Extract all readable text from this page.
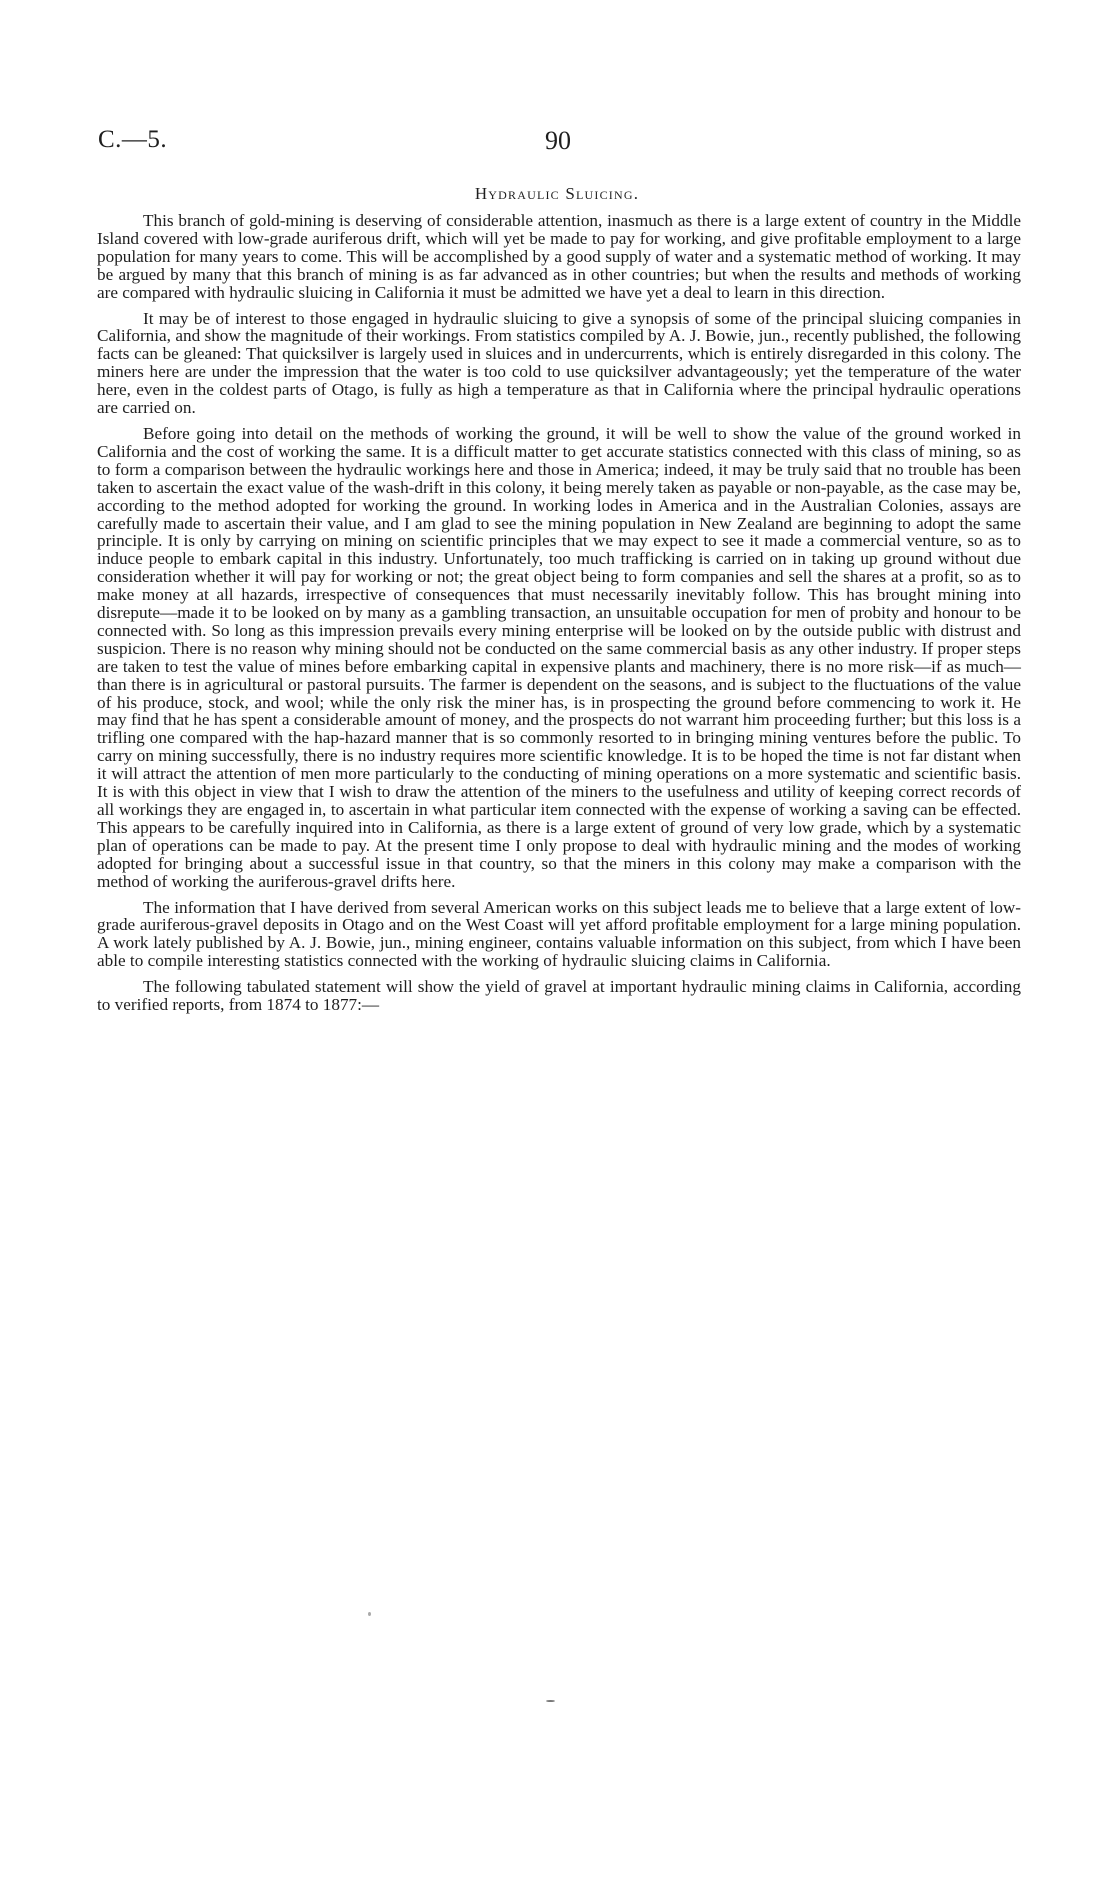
C.—5.	90
Hydraulic Sluicing.

This branch of gold-mining is deserving of considerable attention, inasmuch as there is a large extent of country in the Middle Island covered with low-grade auriferous drift, which will yet be made to pay for working, and give profitable employment to a large population for many years to come. This will be accomplished by a good supply of water and a systematic method of working. It may be argued by many that this branch of mining is as far advanced as in other countries; but when the results and methods of working are compared with hydraulic sluicing in California it must be admitted we have yet a deal to learn in this direction.

It may be of interest to those engaged in hydraulic sluicing to give a synopsis of some of the principal sluicing companies in California, and show the magnitude of their workings. From statistics compiled by A. J. Bowie, jun., recently published, the following facts can be gleaned: That quicksilver is largely used in sluices and in undercurrents, which is entirely disregarded in this colony. The miners here are under the impression that the water is too cold to use quicksilver advantageously; yet the temperature of the water here, even in the coldest parts of Otago, is fully as high a temperature as that in California where the principal hydraulic operations are carried on.

Before going into detail on the methods of working the ground, it will be well to show the value of the ground worked in California and the cost of working the same. It is a difficult matter to get accurate statistics connected with this class of mining, so as to form a comparison between the hydraulic workings here and those in America; indeed, it may be truly said that no trouble has been taken to ascertain the exact value of the wash-drift in this colony, it being merely taken as payable or non-payable, as the case may be, according to the method adopted for working the ground. In working lodes in America and in the Australian Colonies, assays are carefully made to ascertain their value, and I am glad to see the mining population in New Zealand are beginning to adopt the same principle. It is only by carrying on mining on scientific principles that we may expect to see it made a commercial venture, so as to induce people to embark capital in this industry. Unfortunately, too much trafficking is carried on in taking up ground without due consideration whether it will pay for working or not; the great object being to form companies and sell the shares at a profit, so as to make money at all hazards, irrespective of consequences that must necessarily inevitably follow. This has brought mining into disrepute—made it to be looked on by many as a gambling transaction, an unsuitable occupation for men of probity and honour to be connected with. So long as this impression prevails every mining enterprise will be looked on by the outside public with distrust and suspicion. There is no reason why mining should not be conducted on the same commercial basis as any other industry. If proper steps are taken to test the value of mines before embarking capital in expensive plants and machinery, there is no more risk—if as much—than there is in agricultural or pastoral pursuits. The farmer is dependent on the seasons, and is subject to the fluctuations of the value of his produce, stock, and wool; while the only risk the miner has, is in prospecting the ground before commencing to work it. He may find that he has spent a considerable amount of money, and the prospects do not warrant him proceeding further; but this loss is a trifling one compared with the hap-hazard manner that is so commonly resorted to in bringing mining ventures before the public. To carry on mining successfully, there is no industry requires more scientific knowledge. It is to be hoped the time is not far distant when it will attract the attention of men more particularly to the conducting of mining operations on a more systematic and scientific basis. It is with this object in view that I wish to draw the attention of the miners to the usefulness and utility of keeping correct records of all workings they are engaged in, to ascertain in what particular item connected with the expense of working a saving can be effected. This appears to be carefully inquired into in California, as there is a large extent of ground of very low grade, which by a systematic plan of operations can be made to pay. At the present time I only propose to deal with hydraulic mining and the modes of working adopted for bringing about a successful issue in that country, so that the miners in this colony may make a comparison with the method of working the auriferous-gravel drifts here.

The information that I have derived from several American works on this subject leads me to believe that a large extent of low-grade auriferous-gravel deposits in Otago and on the West Coast will yet afford profitable employment for a large mining population. A work lately published by A. J. Bowie, jun., mining engineer, contains valuable information on this subject, from which I have been able to compile interesting statistics connected with the working of hydraulic sluicing claims in California.

The following tabulated statement will show the yield of gravel at important hydraulic mining claims in California, according to verified reports, from 1874 to 1877:—
